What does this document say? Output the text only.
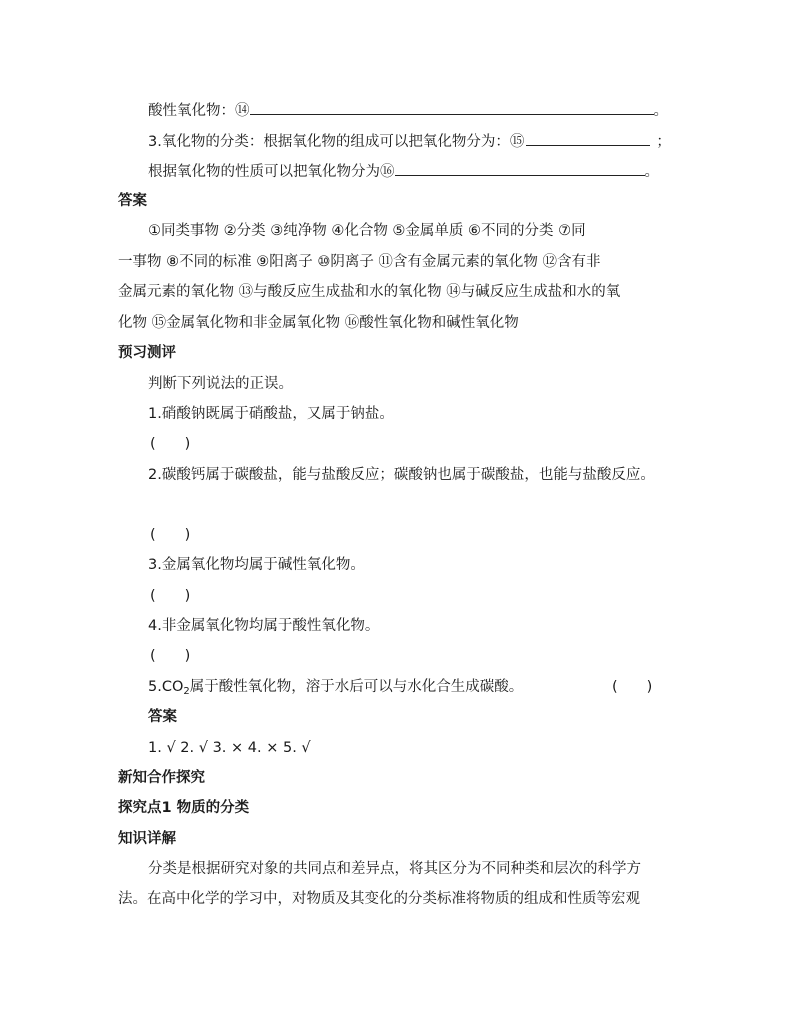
酸性氧化物：⑭	。
3.氧化物的分类：根据氧化物的组成可以把氧化物分为：⑮	；
根据氧化物的性质可以把氧化物分为⑯	。
答案
①同类事物 ②分类 ③纯净物 ④化合物 ⑤金属单质 ⑥不同的分类 ⑦同
一事物 ⑧不同的标准 ⑨阳离子 ⑩阴离子 ⑪含有金属元素的氧化物 ⑫含有非
金属元素的氧化物 ⑬与酸反应生成盐和水的氧化物 ⑭与碱反应生成盐和水的氧
化物 ⑮金属氧化物和非金属氧化物 ⑯酸性氧化物和碱性氧化物
预习测评
判断下列说法的正误。
1.硝酸钠既属于硝酸盐，又属于钠盐。
(　　)
2.碳酸钙属于碳酸盐，能与盐酸反应；碳酸钠也属于碳酸盐，也能与盐酸反应。
(　　)
3.金属氧化物均属于碱性氧化物。
(　　)
4.非金属氧化物均属于酸性氧化物。
(　　)
$5.CO_2$属于酸性氧化物，溶于水后可以与水化合生成碳酸。	(　　)
答案
1. √ 2. √ 3. × 4. × 5. √
新知合作探究
探究点1 物质的分类
知识详解
分类是根据研究对象的共同点和差异点，将其区分为不同种类和层次的科学方
法。在高中化学的学习中，对物质及其变化的分类标准将物质的组成和性质等宏观
